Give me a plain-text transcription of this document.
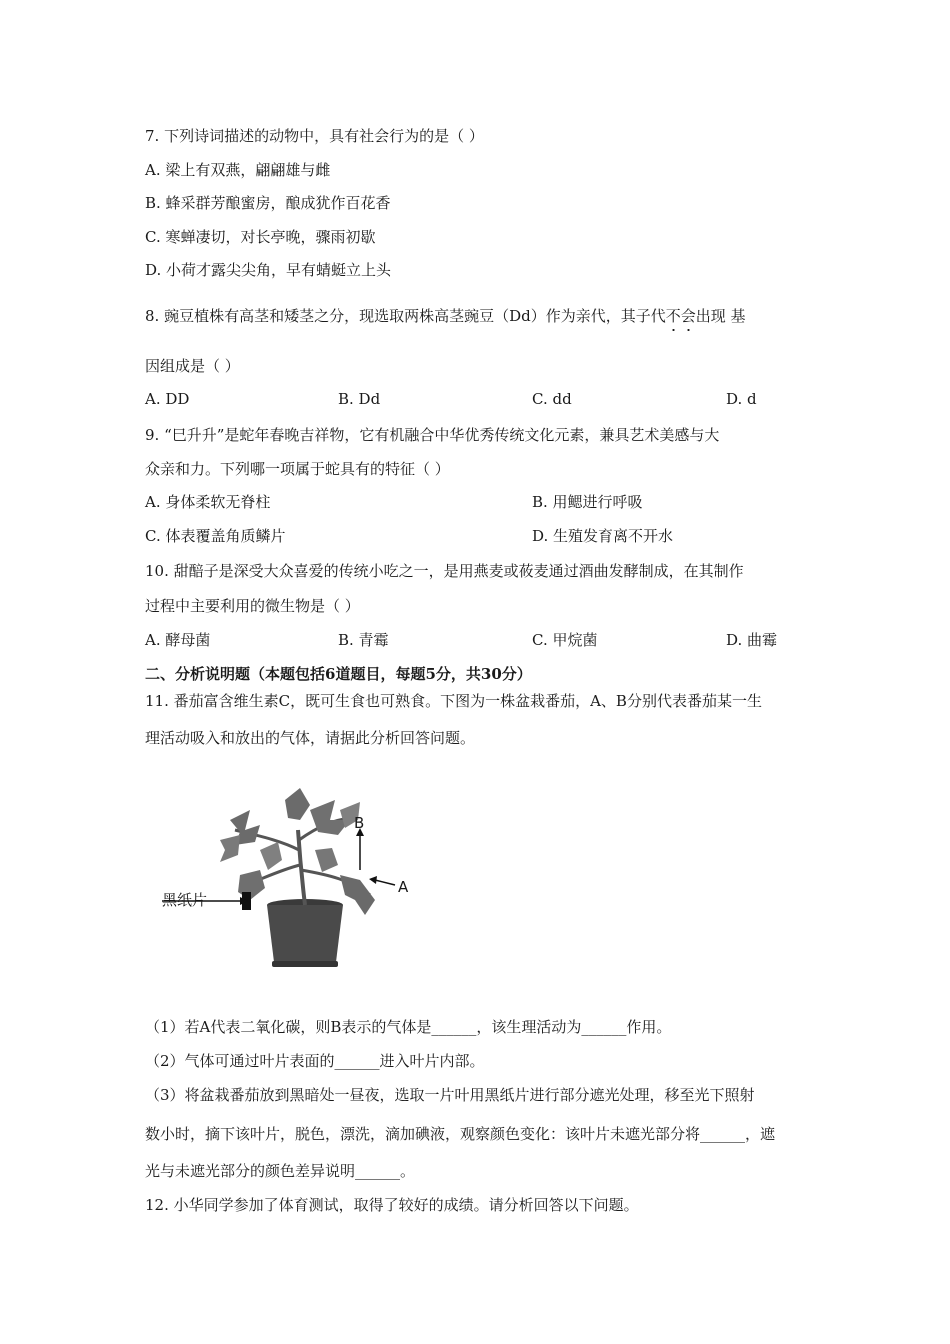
7. 下列诗词描述的动物中，具有社会行为的是（ ）
A. 梁上有双燕，翩翩雄与雌
B. 蜂采群芳酿蜜房，酿成犹作百花香
C. 寒蝉凄切，对长亭晚，骤雨初歇
D. 小荷才露尖尖角，早有蜻蜓立上头
8. 豌豆植株有高茎和矮茎之分，现选取两株高茎豌豆（Dd）作为亲代，其子代不会出现 基
因组成是（ ）
A. DD	B. Dd	C. dd	D. d
9. “巳升升”是蛇年春晚吉祥物，它有机融合中华优秀传统文化元素，兼具艺术美感与大
众亲和力。下列哪一项属于蛇具有的特征（ ）
A. 身体柔软无脊柱	B. 用鳃进行呼吸
C. 体表覆盖角质鳞片	D. 生殖发育离不开水
10. 甜醅子是深受大众喜爱的传统小吃之一，是用燕麦或莜麦通过酒曲发酵制成，在其制作
过程中主要利用的微生物是（ ）
A. 酵母菌	B. 青霉	C. 甲烷菌	D. 曲霉
二、分析说明题（本题包括6道题目，每题5分，共30分）
11. 番茄富含维生素C，既可生食也可熟食。下图为一株盆栽番茄，A、B分别代表番茄某一生
理活动吸入和放出的气体，请据此分析回答问题。
黑纸片
B
A
（1）若A代表二氧化碳，则B表示的气体是______，该生理活动为______作用。
（2）气体可通过叶片表面的______进入叶片内部。
（3）将盆栽番茄放到黑暗处一昼夜，选取一片叶用黑纸片进行部分遮光处理，移至光下照射
数小时，摘下该叶片，脱色，漂洗，滴加碘液，观察颜色变化：该叶片未遮光部分将______，遮
光与未遮光部分的颜色差异说明______。
12. 小华同学参加了体育测试，取得了较好的成绩。请分析回答以下问题。
